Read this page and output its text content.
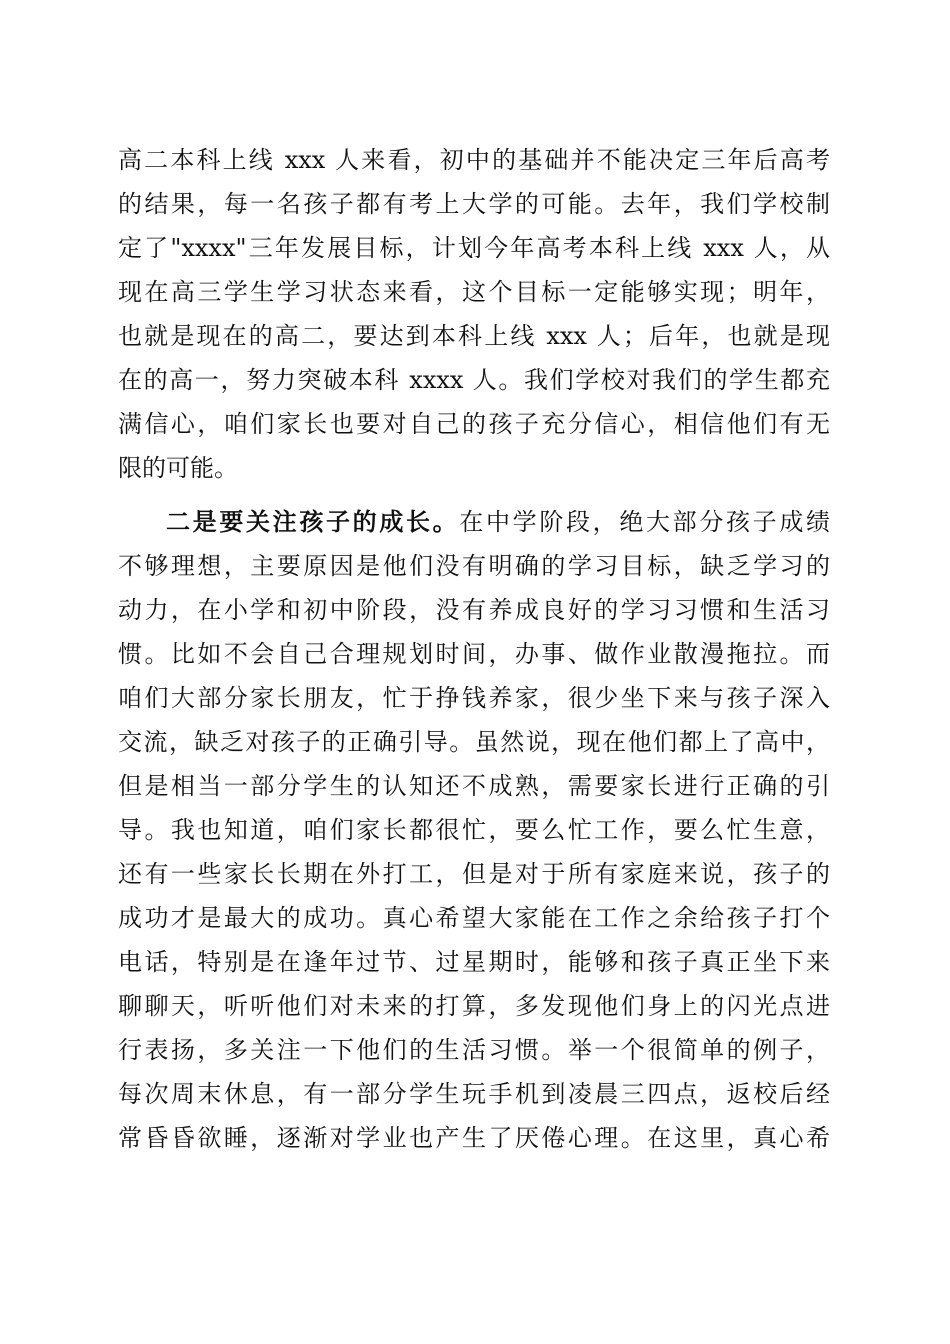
高二本科上线 xxx 人来看，初中的基础并不能决定三年后高考
的结果，每一名孩子都有考上大学的可能。去年，我们学校制
定了"xxxx"三年发展目标，计划今年高考本科上线 xxx 人，从
现在高三学生学习状态来看，这个目标一定能够实现；明年，
也就是现在的高二，要达到本科上线 xxx 人；后年，也就是现
在的高一，努力突破本科 xxxx 人。我们学校对我们的学生都充
满信心，咱们家长也要对自己的孩子充分信心，相信他们有无
限的可能。
二是要关注孩子的成长。在中学阶段，绝大部分孩子成绩
不够理想，主要原因是他们没有明确的学习目标，缺乏学习的
动力，在小学和初中阶段，没有养成良好的学习习惯和生活习
惯。比如不会自己合理规划时间，办事、做作业散漫拖拉。而
咱们大部分家长朋友，忙于挣钱养家，很少坐下来与孩子深入
交流，缺乏对孩子的正确引导。虽然说，现在他们都上了高中，
但是相当一部分学生的认知还不成熟，需要家长进行正确的引
导。我也知道，咱们家长都很忙，要么忙工作，要么忙生意，
还有一些家长长期在外打工，但是对于所有家庭来说，孩子的
成功才是最大的成功。真心希望大家能在工作之余给孩子打个
电话，特别是在逢年过节、过星期时，能够和孩子真正坐下来
聊聊天，听听他们对未来的打算，多发现他们身上的闪光点进
行表扬，多关注一下他们的生活习惯。举一个很简单的例子，
每次周末休息，有一部分学生玩手机到凌晨三四点，返校后经
常昏昏欲睡，逐渐对学业也产生了厌倦心理。在这里，真心希
